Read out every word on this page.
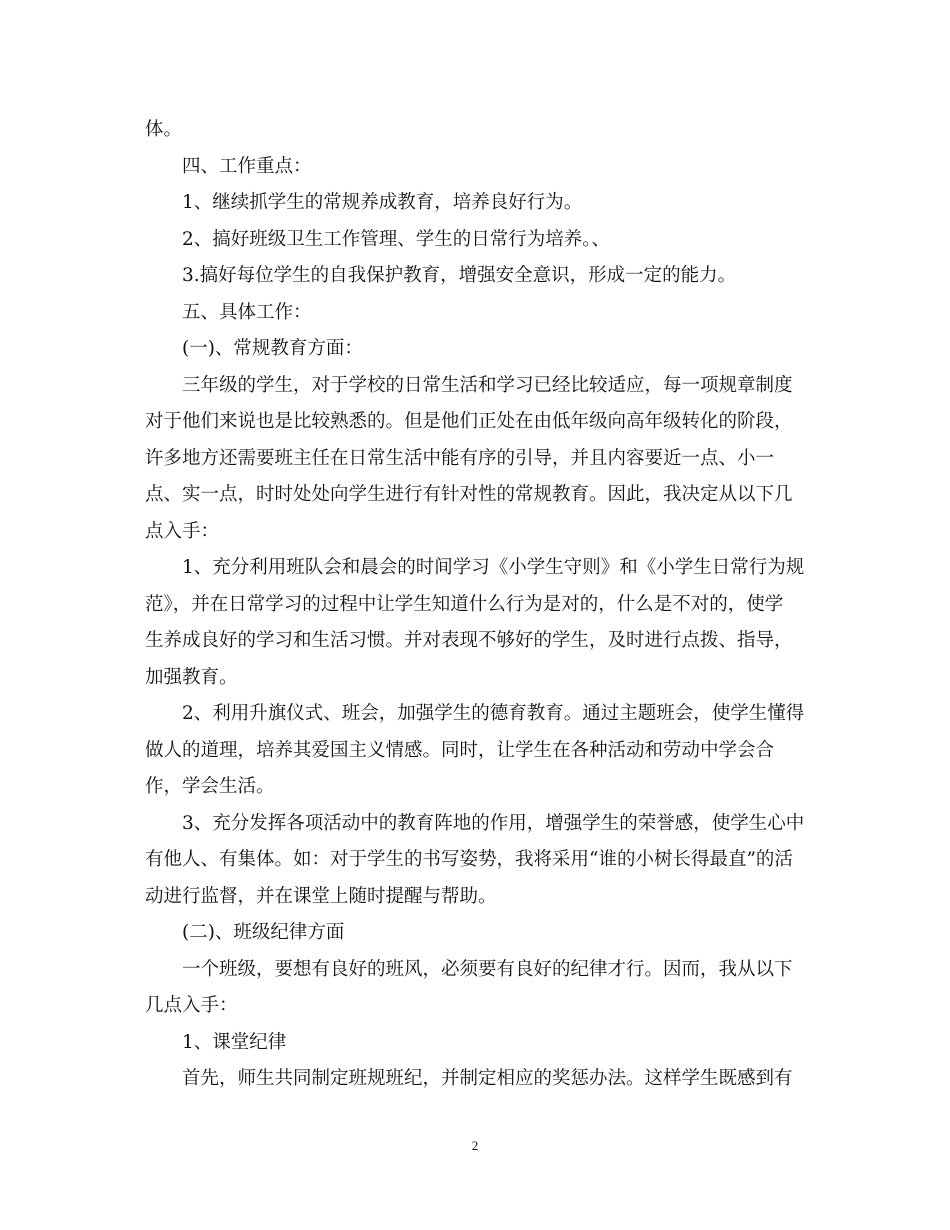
体。

四、工作重点：

1、继续抓学生的常规养成教育，培养良好行为。

2、搞好班级卫生工作管理、学生的日常行为培养。、

3.搞好每位学生的自我保护教育，增强安全意识，形成一定的能力。

五、具体工作：

(一)、常规教育方面：

三年级的学生，对于学校的日常生活和学习已经比较适应，每一项规章制度

对于他们来说也是比较熟悉的。但是他们正处在由低年级向高年级转化的阶段，

许多地方还需要班主任在日常生活中能有序的引导，并且内容要近一点、小一

点、实一点，时时处处向学生进行有针对性的常规教育。因此，我决定从以下几

点入手：

1、充分利用班队会和晨会的时间学习《小学生守则》和《小学生日常行为规

范》，并在日常学习的过程中让学生知道什么行为是对的，什么是不对的，使学

生养成良好的学习和生活习惯。并对表现不够好的学生，及时进行点拨、指导，

加强教育。

2、利用升旗仪式、班会，加强学生的德育教育。通过主题班会，使学生懂得

做人的道理，培养其爱国主义情感。同时，让学生在各种活动和劳动中学会合

作，学会生活。

3、充分发挥各项活动中的教育阵地的作用，增强学生的荣誉感，使学生心中

有他人、有集体。如：对于学生的书写姿势，我将采用“谁的小树长得最直”的活

动进行监督，并在课堂上随时提醒与帮助。

(二)、班级纪律方面

一个班级，要想有良好的班风，必须要有良好的纪律才行。因而，我从以下

几点入手：

1、课堂纪律

首先，师生共同制定班规班纪，并制定相应的奖惩办法。这样学生既感到有

2
